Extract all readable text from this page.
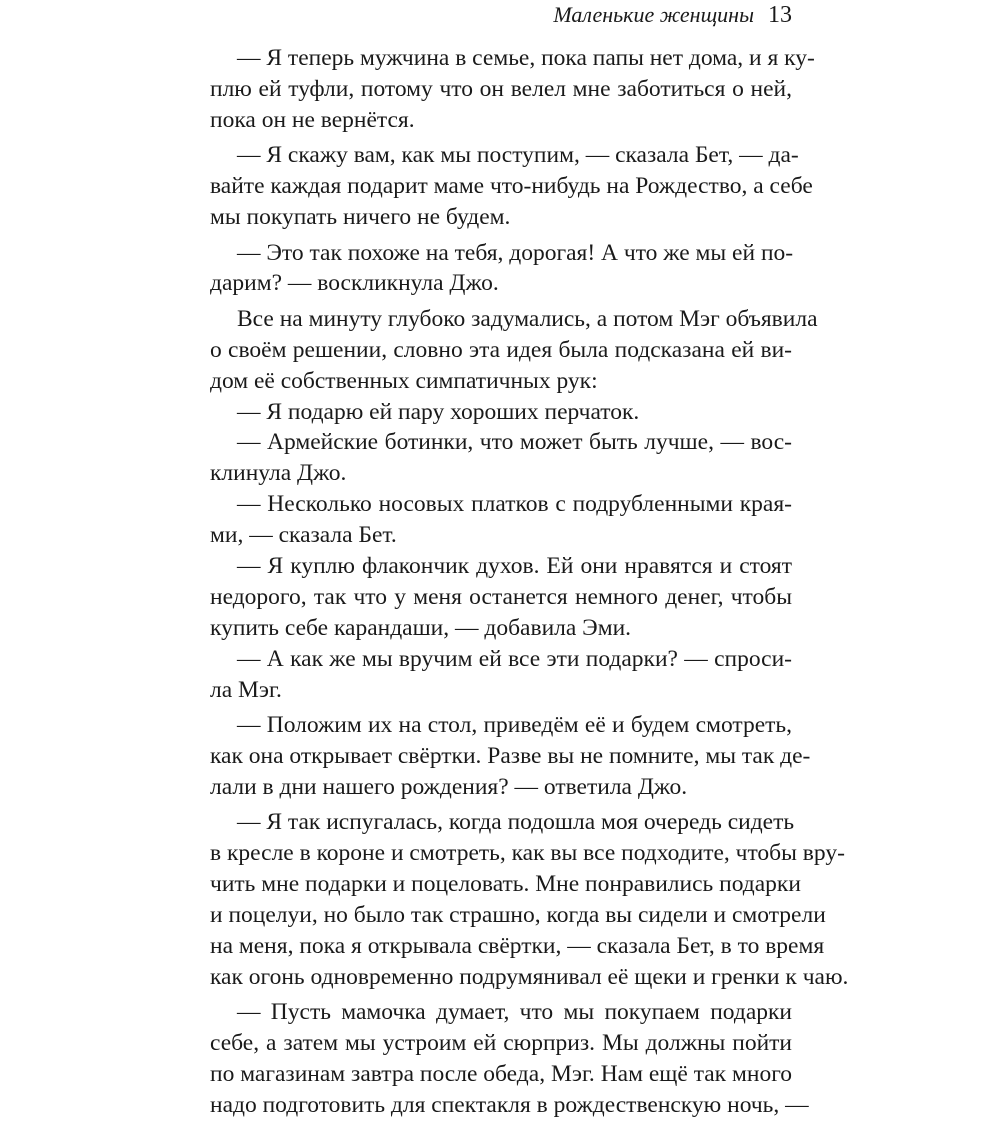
Маленькие женщины 13
— Я теперь мужчина в семье, пока папы нет дома, и я ку-
плю ей туфли, потому что он велел мне заботиться о ней,
пока он не вернётся.
— Я скажу вам, как мы поступим, — сказала Бет, — да-
вайте каждая подарит маме что-нибудь на Рождество, а себе
мы покупать ничего не будем.
— Это так похоже на тебя, дорогая! А что же мы ей по-
дарим? — воскликнула Джо.
Все на минуту глубоко задумались, а потом Мэг объявила
о своём решении, словно эта идея была подсказана ей ви-
дом её собственных симпатичных рук:
— Я подарю ей пару хороших перчаток.
— Армейские ботинки, что может быть лучше, — вос-
клинула Джо.
— Несколько носовых платков с подрубленными края-
ми, — сказала Бет.
— Я куплю флакончик духов. Ей они нравятся и стоят
недорого, так что у меня останется немного денег, чтобы
купить себе карандаши, — добавила Эми.
— А как же мы вручим ей все эти подарки? — спроси-
ла Мэг.
— Положим их на стол, приведём её и будем смотреть,
как она открывает свёртки. Разве вы не помните, мы так де-
лали в дни нашего рождения? — ответила Джо.
— Я так испугалась, когда подошла моя очередь сидеть
в кресле в короне и смотреть, как вы все подходите, чтобы вру-
чить мне подарки и поцеловать. Мне понравились подарки
и поцелуи, но было так страшно, когда вы сидели и смотрели
на меня, пока я открывала свёртки, — сказала Бет, в то время
как огонь одновременно подрумянивал её щеки и гренки к чаю.
— Пусть мамочка думает, что мы покупаем подарки
себе, а затем мы устроим ей сюрприз. Мы должны пойти
по магазинам завтра после обеда, Мэг. Нам ещё так много
надо подготовить для спектакля в рождественскую ночь, —
